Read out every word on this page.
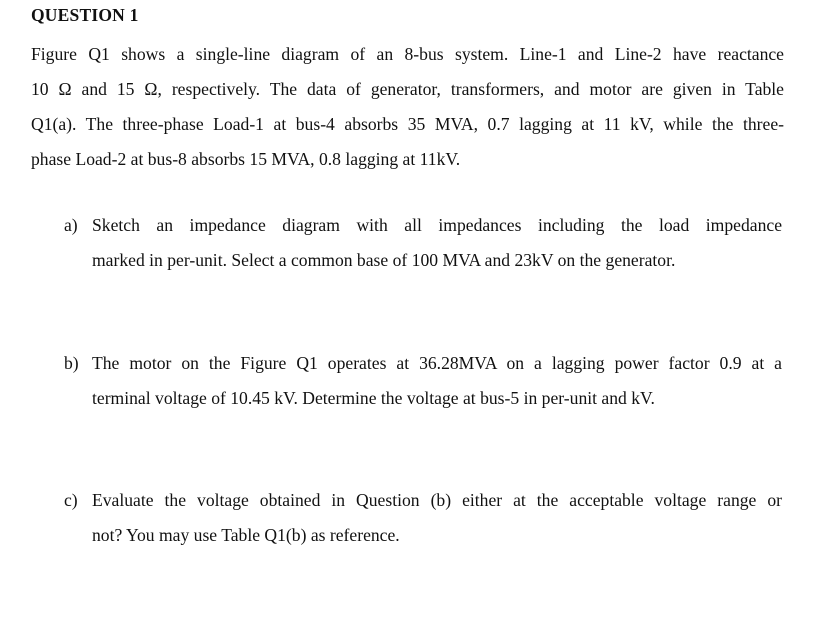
QUESTION 1
Figure Q1 shows a single-line diagram of an 8-bus system. Line-1 and Line-2 have reactance
10 Ω and 15 Ω, respectively. The data of generator, transformers, and motor are given in Table
Q1(a). The three-phase Load-1 at bus-4 absorbs 35 MVA, 0.7 lagging at 11 kV, while the three-
phase Load-2 at bus-8 absorbs 15 MVA, 0.8 lagging at 11kV.
a) Sketch an impedance diagram with all impedances including the load impedance
marked in per-unit. Select a common base of 100 MVA and 23kV on the generator.
b) The motor on the Figure Q1 operates at 36.28MVA on a lagging power factor 0.9 at a
terminal voltage of 10.45 kV. Determine the voltage at bus-5 in per-unit and kV.
c) Evaluate the voltage obtained in Question (b) either at the acceptable voltage range or
not? You may use Table Q1(b) as reference.
